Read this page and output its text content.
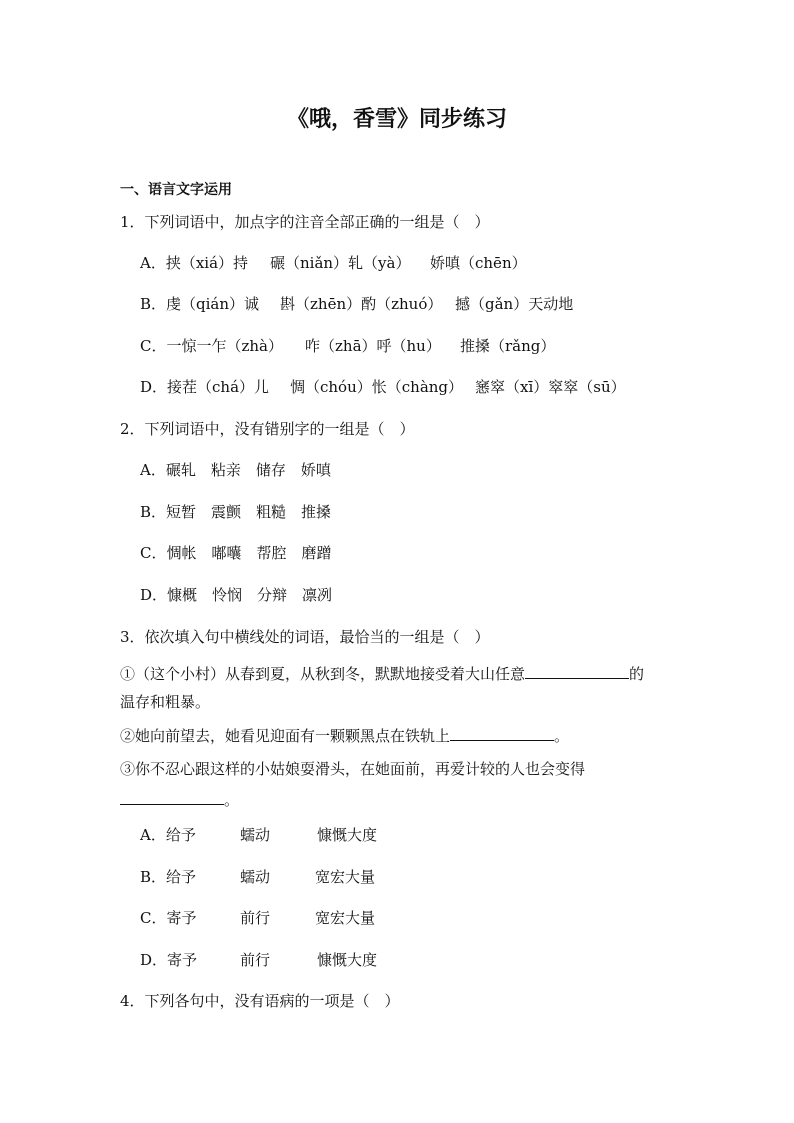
《哦，香雪》同步练习
一、语言文字运用
1．下列词语中，加点字的注音全部正确的一组是（　）
A．挟（xiá）持 碾（niǎn）轧（yà） 娇嗔（chēn）
B．虔（qián）诚 斟（zhēn）酌（zhuó） 撼（gǎn）天动地
C．一惊一乍（zhà） 咋（zhā）呼（hu） 推搡（rǎng）
D．接茬（chá）儿 惆（chóu）怅（chàng） 窸窣（xī）窣窣（sū）
2．下列词语中，没有错别字的一组是（　）
A．碾轧　粘亲　储存　娇嗔
B．短暂　震颤　粗糙　推搡
C．惆帐　嘟囔　帮腔　磨蹭
D．慷概　怜悯　分辩　凛冽
3．依次填入句中横线处的词语，最恰当的一组是（　）
①（这个小村）从春到夏，从秋到冬，默默地接受着大山任意	的
温存和粗暴。
②她向前望去，她看见迎面有一颗颗黑点在铁轨上	。
③你不忍心跟这样的小姑娘耍滑头，在她面前，再爱计较的人也会变得
。
A．给予	蠕动	慷慨大度
B．给予	蠕动	宽宏大量
C．寄予	前行	宽宏大量
D．寄予	前行	慷慨大度
4．下列各句中，没有语病的一项是（　）
